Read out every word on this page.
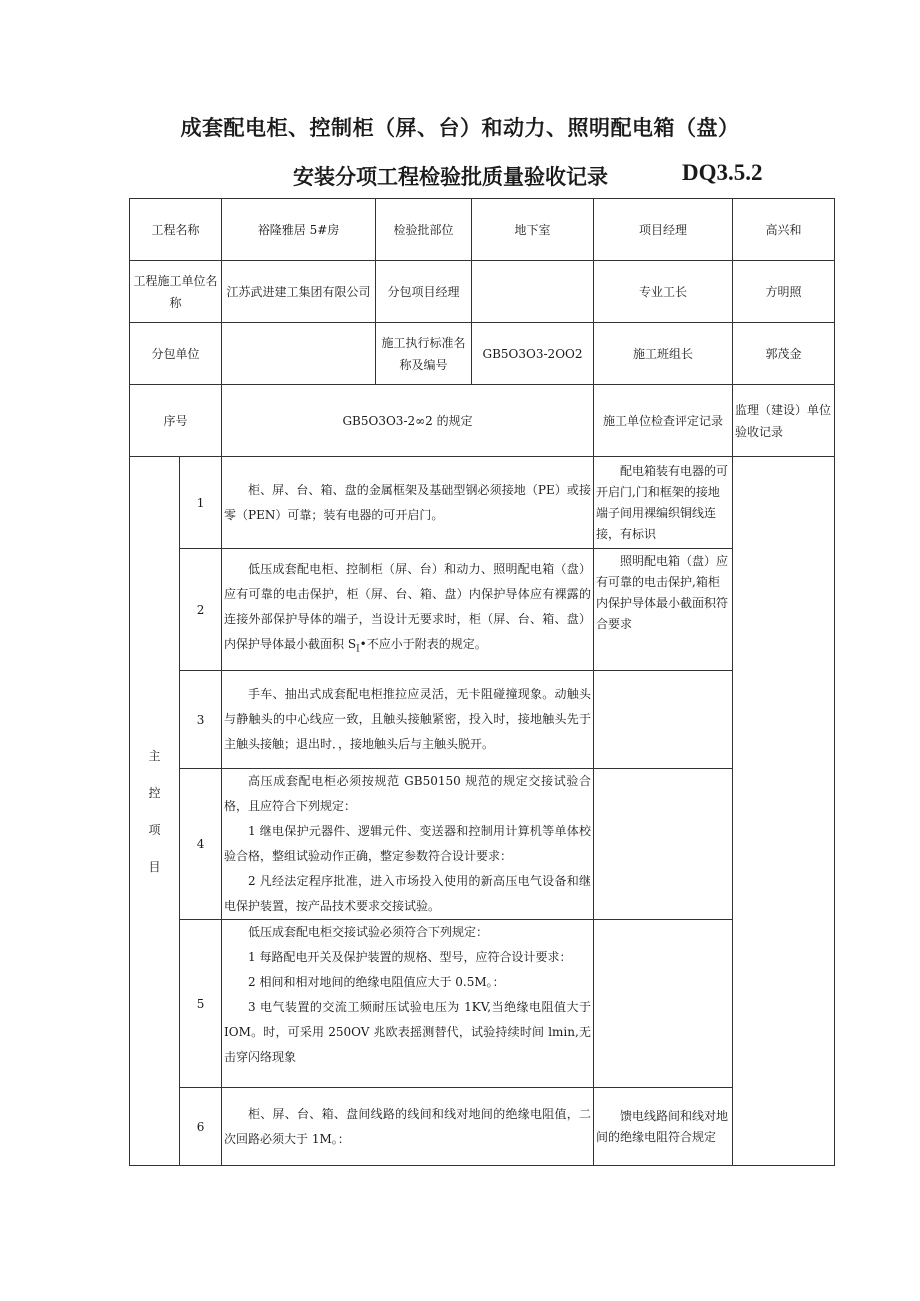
成套配电柜、控制柜（屏、台）和动力、照明配电箱（盘）
安装分项工程检验批质量验收记录	DQ3.5.2
工程名称		裕隆雅居 5#房	检验批部位	地下室	项目经理	高兴和
工程施工单位名称		江苏武进建工集团有限公司	分包项目经理		专业工长	方明照
分包单位			施工执行标准名称及编号	GB5O3O3-2OO2	施工班组长	郭茂金
序号		GB5O3O3-2∞2 的规定			施工单位检查评定记录	监理（建设）单位验收记录

主
控
项
目	1	柜、屏、台、箱、盘的金属框架及基础型钢必须接地（PE）或接零（PEN）可靠；装有电器的可开启门。			配电箱装有电器的可开启门,门和框架的接地端子间用裸编织铜线连接，有标识	
	2	低压成套配电柜、控制柜（屏、台）和动力、照明配电箱（盘）应有可靠的电击保护，柜（屏、台、箱、盘）内保护导体应有裸露的连接外部保护导体的端子，当设计无要求时，柜（屏、台、箱、盘）内保护导体最小截面积 $S_I•$不应小于附表的规定。			照明配电箱（盘）应有可靠的电击保护,箱柜内保护导体最小截面积符合要求	
	3	手车、抽出式成套配电柜推拉应灵活，无卡阻碰撞现象。动触头与静触头的中心线应一致，且触头接触紧密，投入时，接地触头先于主触头接触；退出时．，接地触头后与主触头脱开。				

	4	高压成套配电柜必须按规范 GB50150 规范的规定交接试验合格，且应符合下列规定：

1 继电保护元器件、逻辑元件、变送器和控制用计算机等单体校验合格，整组试验动作正确，整定参数符合设计要求：

2 凡经法定程序批准，进入市场投入使用的新高压电气设备和继电保护装置，按产品技术要求交接试验。				

	5	低压成套配电柜交接试验必须符合下列规定：

1 每路配电开关及保护装置的规格、型号，应符合设计要求：

2 相间和相对地间的绝缘电阻值应大于 0.5M。：

3 电气装置的交流工频耐压试验电压为 1KV,当绝缘电阻值大于 IOM。时，可采用 250OV 兆欧表摇测替代，试验持续时间 lmin,无击穿闪络现象				

	6	柜、屏、台、箱、盘间线路的线间和线对地间的绝缘电阻值，二次回路必须大于 1M。：			馈电线路间和线对地间的绝缘电阻符合规定	
